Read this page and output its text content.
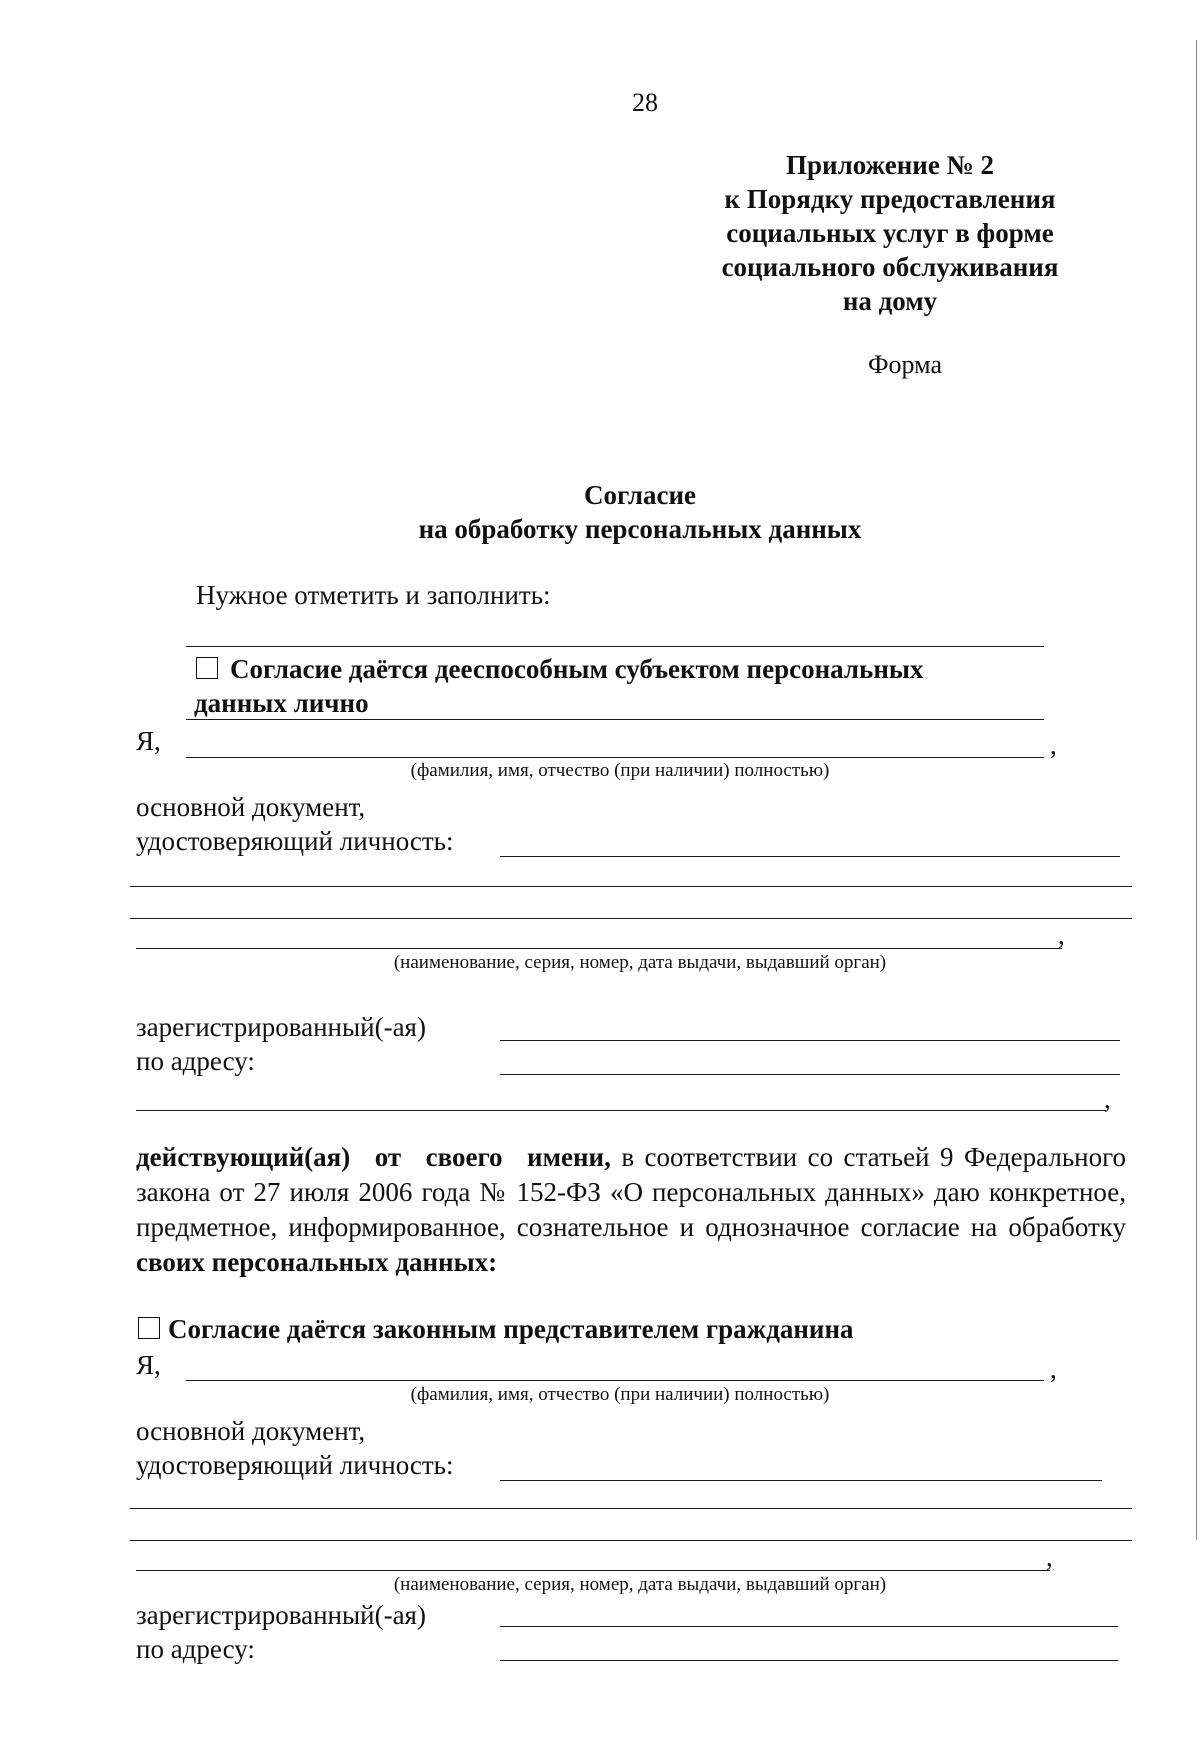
28
Приложение № 2
к Порядку предоставления
социальных услуг в форме
социального обслуживания
на дому
Форма
Согласие
на обработку персональных данных
Нужное отметить и заполнить:
Согласие даётся дееспособным субъектом персональных
данных лично
Я,	,
(фамилия, имя, отчество (при наличии) полностью)
основной документ,
удостоверяющий личность:
,
(наименование, серия, номер, дата выдачи, выдавший орган)
зарегистрированный(-ая)
по адресу:
,
действующий(ая) от своего имени, в соответствии со статьей 9 Федерального закона от 27 июля 2006 года № 152-ФЗ «О персональных данных» даю конкретное, предметное, информированное, сознательное и однозначное согласие на обработку своих персональных данных:
Согласие даётся законным представителем гражданина
Я,	,
(фамилия, имя, отчество (при наличии) полностью)
основной документ,
удостоверяющий личность:
,
(наименование, серия, номер, дата выдачи, выдавший орган)
зарегистрированный(-ая)
по адресу:
